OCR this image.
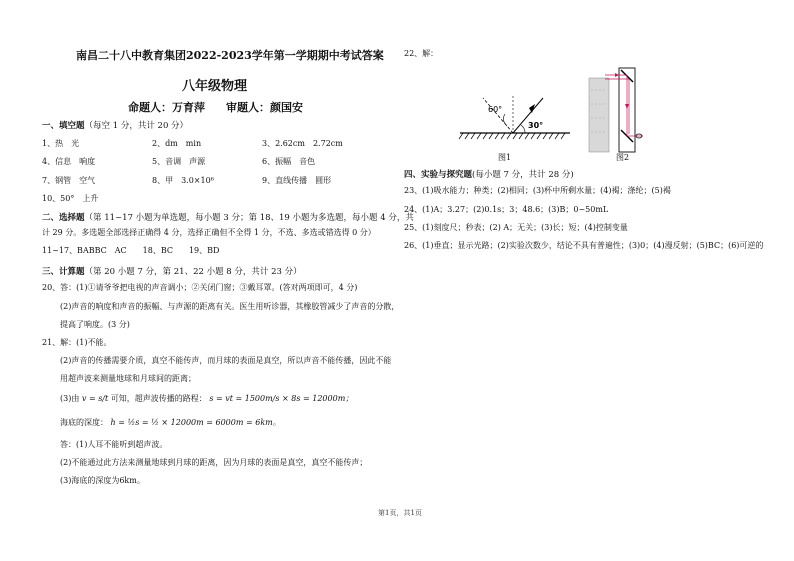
南昌二十八中教育集团2022-2023学年第一学期期中考试答案
八年级物理
命题人：万育萍 审题人：颜国安
一、填空题（每空 1 分，共计 20 分）
1、热　光	2、dm　min	3、2.62cm　2.72cm
4、信息　响度	5、音调　声源	6、振幅　音色
7、钢管　空气	8、甲　3.0×10⁶	9、直线传播　圆形
10、50°　上升
二、选择题（第 11~17 小题为单选题，每小题 3 分；第 18、19 小题为多选题，每小题 4 分，共
计 29 分。多选题全部选择正确得 4 分，选择正确但不全得 1 分，不选、多选或错选得 0 分）
11~17、BABBC　AC　　18、BC　　19、BD
三、计算题（第 20 小题 7 分，第 21、22 小题 8 分，共计 23 分）
20、答：(1)①请爷爷把电视的声音调小；②关闭门窗；③戴耳罩。(答对两项即可，4 分)
(2)声音的响度和声音的振幅、与声源的距离有关。医生用听诊器，其橡胶管减少了声音的分散，
提高了响度。(3 分)
21、解：(1)不能。
(2)声音的传播需要介质，真空不能传声，而月球的表面是真空，所以声音不能传播，因此不能
用超声波来测量地球和月球间的距离；
(3)由 v = s/t 可知，超声波传播的路程： s = vt = 1500m/s × 8s = 12000m；
海底的深度： h = ½s = ½ × 12000m = 6000m = 6km。
答：(1)人耳不能听到超声波。
(2)不能通过此方法来测量地球到月球的距离，因为月球的表面是真空，真空不能传声；
(3)海底的深度为6km。
22、解：
60°
30°
图1	图2
四、实验与探究题(每小题 7 分，共计 28 分)
23、(1)吸水能力；种类；(2)相同；(3)杯中所剩水量；(4)褐；涤纶；(5)褐
24、(1)A；3.27；(2)0.1s；3；48.6；(3)B；0~50mL
25、(1)刻度尺；秒表；(2) A；无关；(3)长；短；(4)控制变量
26、(1)垂直；显示光路；(2)实验次数少，结论不具有普遍性；(3)0；(4)漫反射；(5)BC；(6)可逆的
第1页，共1页
